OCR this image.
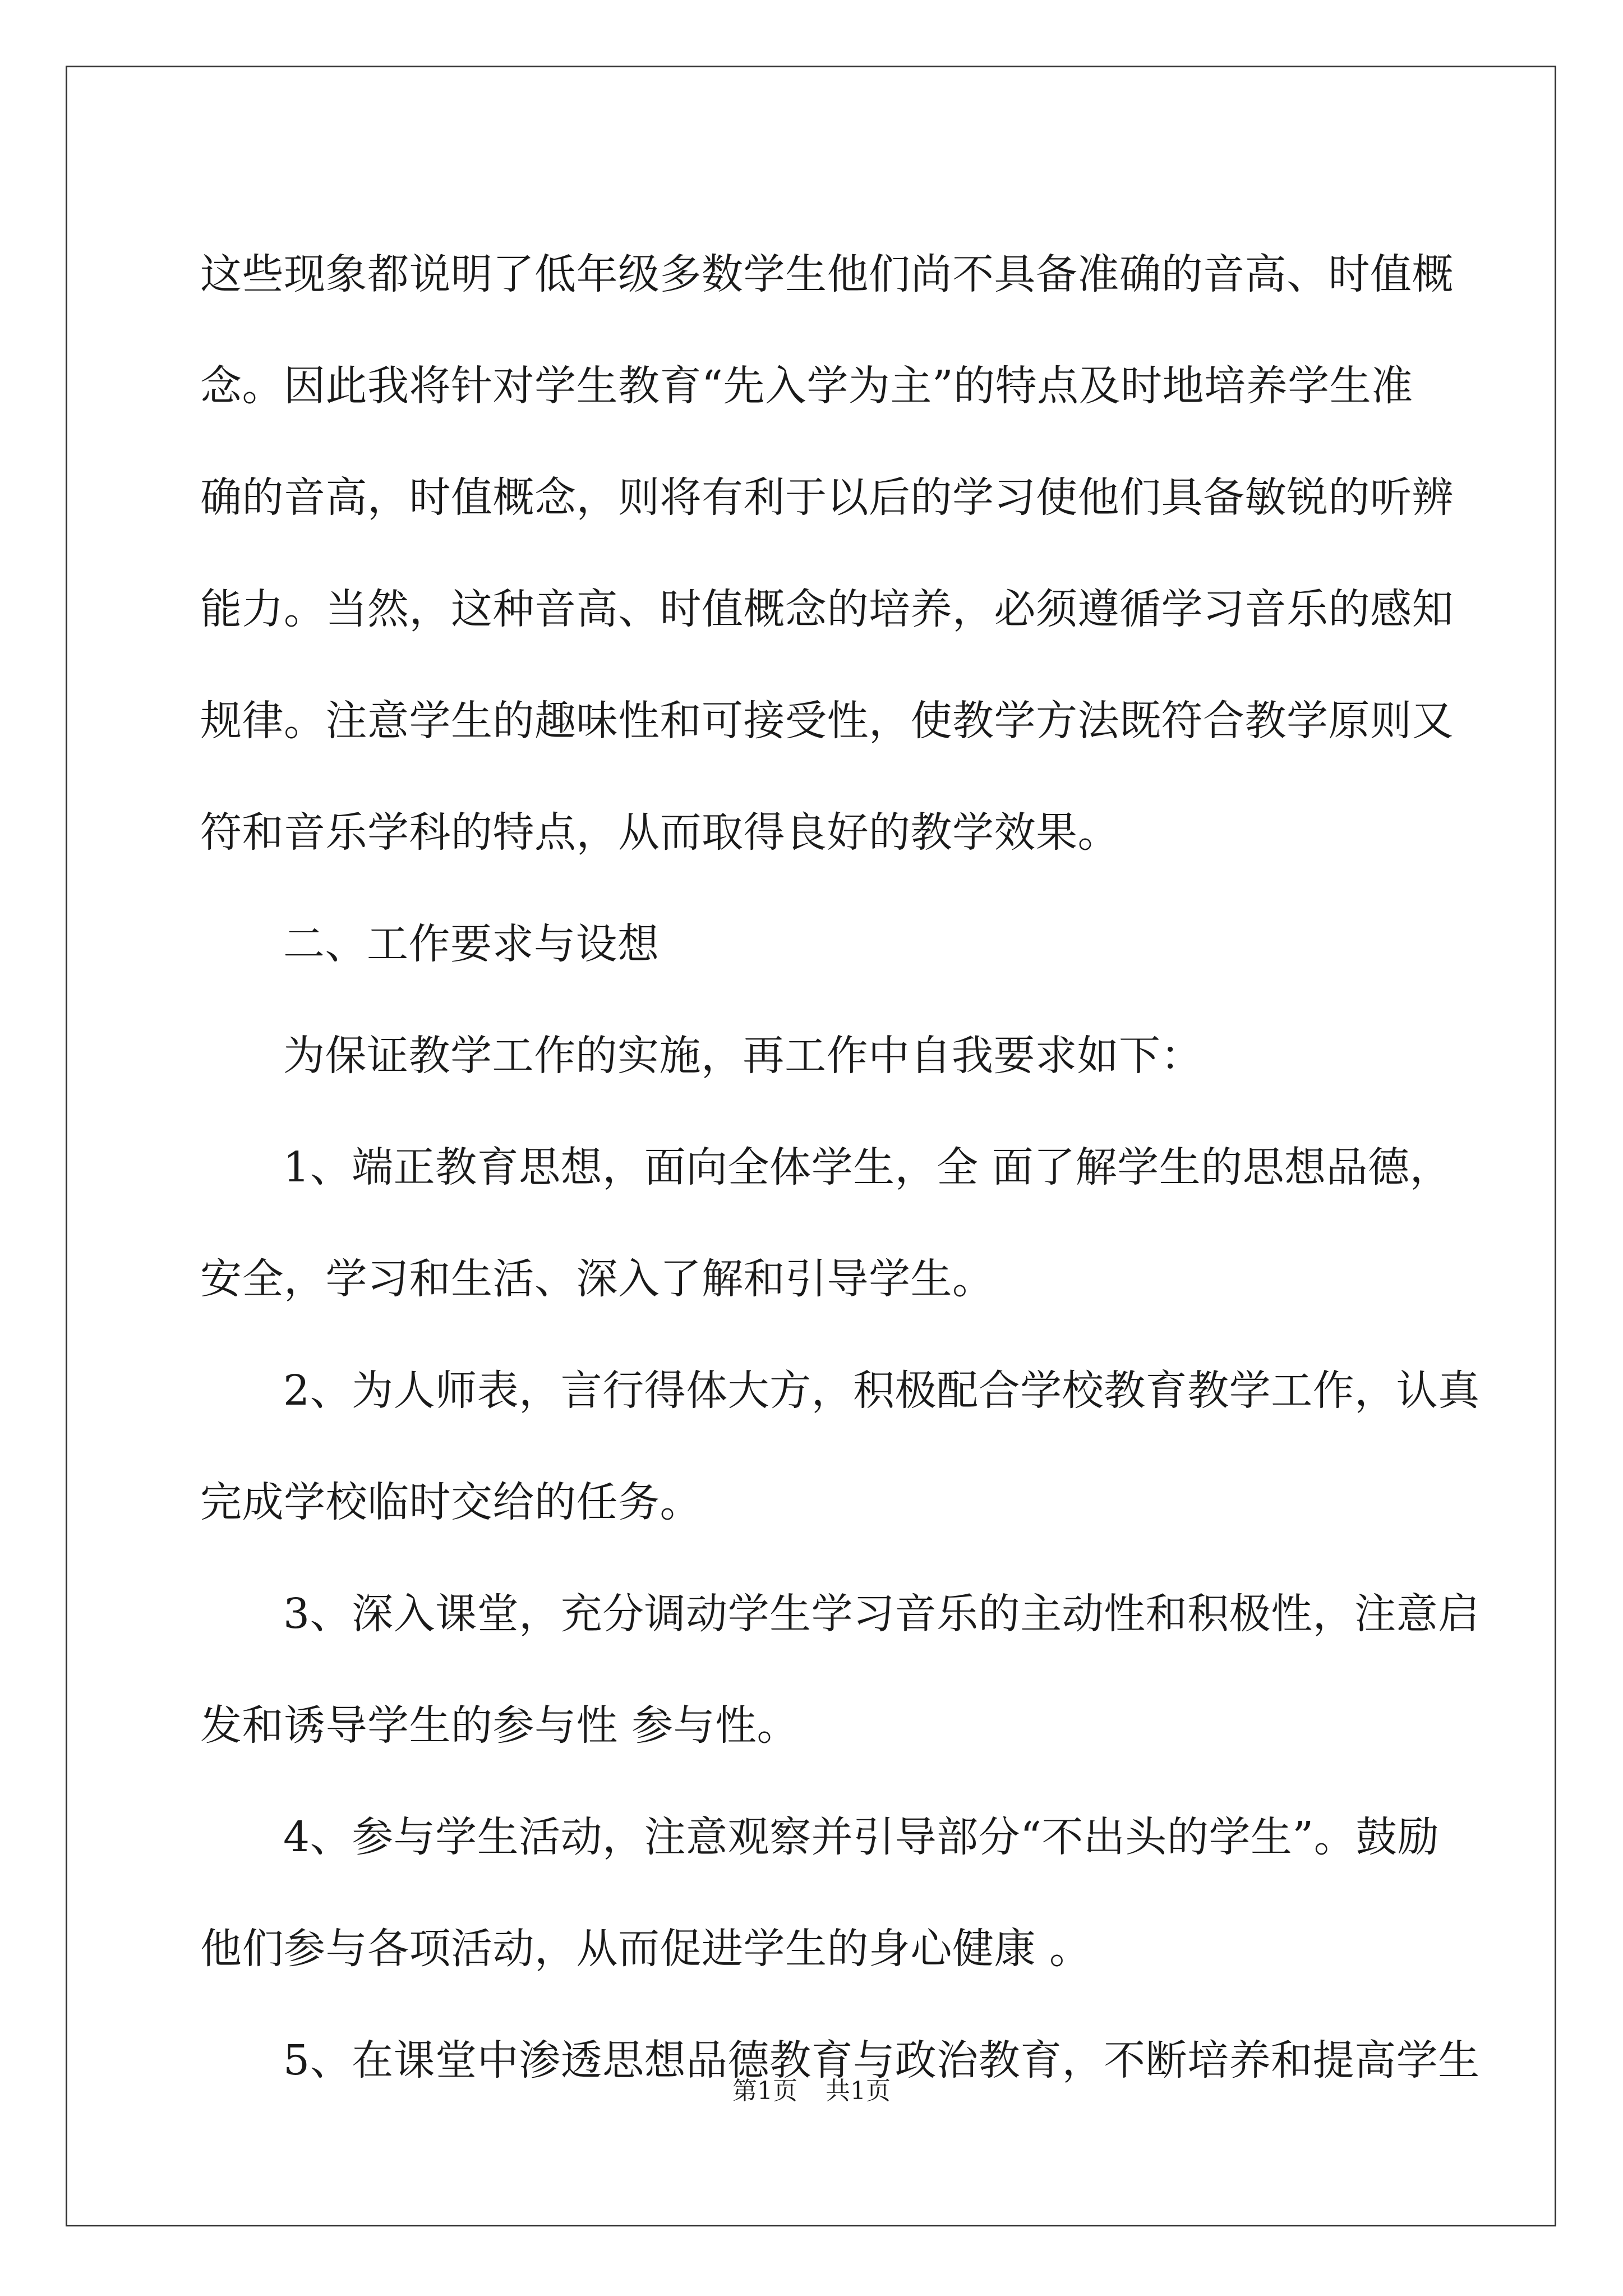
这些现象都说明了低年级多数学生他们尚不具备准确的音高、时值概
念。因此我将针对学生教育“先入学为主”的特点及时地培养学生准
确的音高，时值概念，则将有利于以后的学习使他们具备敏锐的听辨
能力。当然，这种音高、时值概念的培养，必须遵循学习音乐的感知
规律。注意学生的趣味性和可接受性，使教学方法既符合教学原则又
符和音乐学科的特点，从而取得良好的教学效果。
二、工作要求与设想
为保证教学工作的实施，再工作中自我要求如下：
1、端正教育思想，面向全体学生，全 面了解学生的思想品德，
安全，学习和生活、深入了解和引导学生。
2、为人师表，言行得体大方，积极配合学校教育教学工作，认真
完成学校临时交给的任务。
3、深入课堂，充分调动学生学习音乐的主动性和积极性，注意启
发和诱导学生的参与性 参与性。
4、参与学生活动，注意观察并引导部分“不出头的学生”。鼓励
他们参与各项活动，从而促进学生的身心健康 。
5、在课堂中渗透思想品德教育与政治教育，不断培养和提高学生
第1页 共1页
